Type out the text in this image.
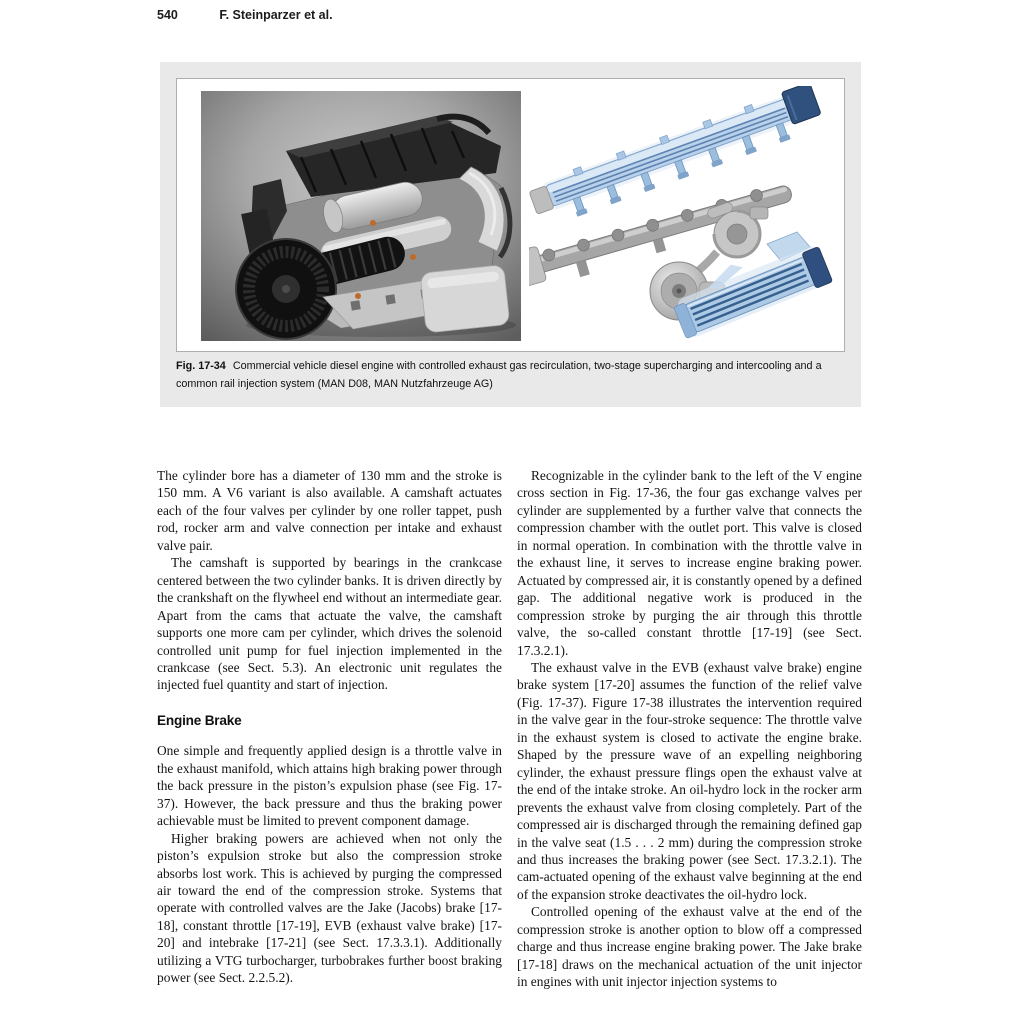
540	F. Steinparzer et al.
Fig. 17-34 Commercial vehicle diesel engine with controlled exhaust gas recirculation, two-stage supercharging and intercooling and a common rail injection system (MAN D08, MAN Nutzfahrzeuge AG)

The cylinder bore has a diameter of 130 mm and the stroke is 150 mm. A V6 variant is also available. A camshaft actuates each of the four valves per cylinder by one roller tappet, push rod, rocker arm and valve connection per intake and exhaust valve pair.

The camshaft is supported by bearings in the crankcase centered between the two cylinder banks. It is driven directly by the crankshaft on the flywheel end without an intermediate gear. Apart from the cams that actuate the valve, the camshaft supports one more cam per cylinder, which drives the solenoid controlled unit pump for fuel injection implemented in the crankcase (see Sect. 5.3). An electronic unit regulates the injected fuel quantity and start of injection.

Engine Brake

One simple and frequently applied design is a throttle valve in the exhaust manifold, which attains high braking power through the back pressure in the piston’s expulsion phase (see Fig. 17-37). However, the back pressure and thus the braking power achievable must be limited to prevent component damage.

Higher braking powers are achieved when not only the piston’s expulsion stroke but also the compression stroke absorbs lost work. This is achieved by purging the compressed air toward the end of the compression stroke. Systems that operate with controlled valves are the Jake (Jacobs) brake [17-18], constant throttle [17-19], EVB (exhaust valve brake) [17-20] and intebrake [17-21] (see Sect. 17.3.3.1). Additionally utilizing a VTG turbocharger, turbobrakes further boost braking power (see Sect. 2.2.5.2).

Recognizable in the cylinder bank to the left of the V engine cross section in Fig. 17-36, the four gas exchange valves per cylinder are supplemented by a further valve that connects the compression chamber with the outlet port. This valve is closed in normal operation. In combination with the throttle valve in the exhaust line, it serves to increase engine braking power. Actuated by compressed air, it is constantly opened by a defined gap. The additional negative work is produced in the compression stroke by purging the air through this throttle valve, the so-called constant throttle [17-19] (see Sect. 17.3.2.1).

The exhaust valve in the EVB (exhaust valve brake) engine brake system [17-20] assumes the function of the relief valve (Fig. 17-37). Figure 17-38 illustrates the intervention required in the valve gear in the four-stroke sequence: The throttle valve in the exhaust system is closed to activate the engine brake. Shaped by the pressure wave of an expelling neighboring cylinder, the exhaust pressure flings open the exhaust valve at the end of the intake stroke. An oil-hydro lock in the rocker arm prevents the exhaust valve from closing completely. Part of the compressed air is discharged through the remaining defined gap in the valve seat (1.5 . . . 2 mm) during the compression stroke and thus increases the braking power (see Sect. 17.3.2.1). The cam-actuated opening of the exhaust valve beginning at the end of the expansion stroke deactivates the oil-hydro lock.

Controlled opening of the exhaust valve at the end of the compression stroke is another option to blow off a compressed charge and thus increase engine braking power. The Jake brake [17-18] draws on the mechanical actuation of the unit injector in engines with unit injector injection systems to
